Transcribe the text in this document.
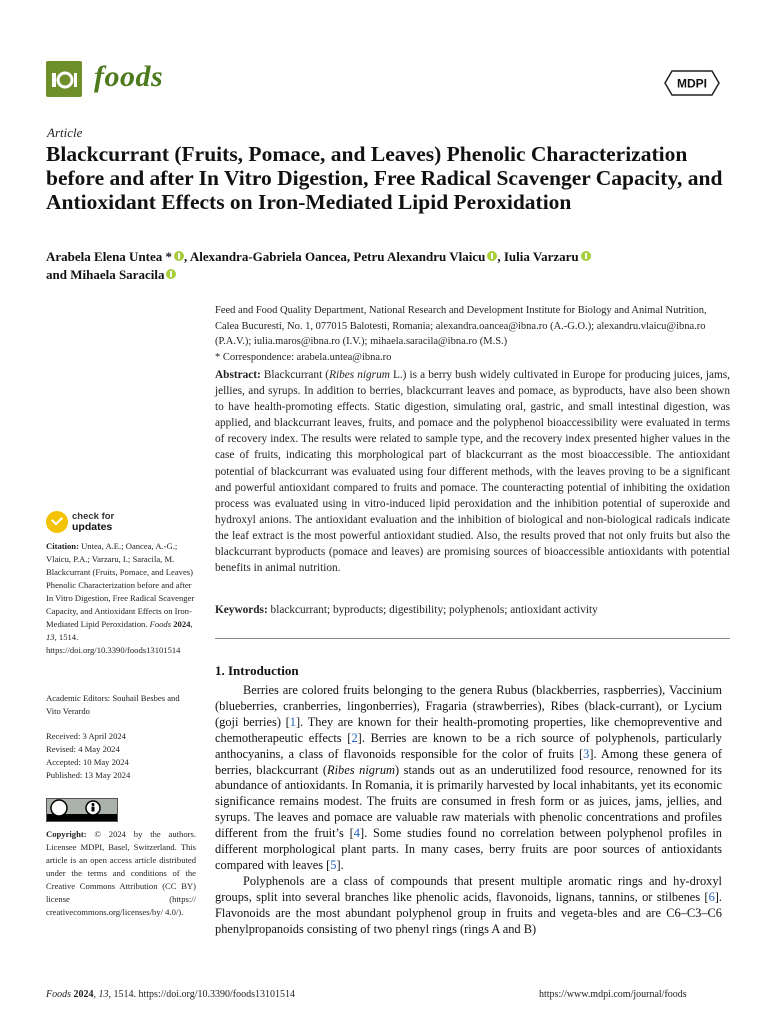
foods	MDPI
Article
Blackcurrant (Fruits, Pomace, and Leaves) Phenolic Characterization before and after In Vitro Digestion, Free Radical Scavenger Capacity, and Antioxidant Effects on Iron-Mediated Lipid Peroxidation
Arabela Elena Untea * , Alexandra-Gabriela Oancea, Petru Alexandru Vlaicu , Iulia Varzaru
and Mihaela Saracila
Feed and Food Quality Department, National Research and Development Institute for Biology and Animal Nutrition, Calea Bucuresti, No. 1, 077015 Balotesti, Romania; alexandra.oancea@ibna.ro (A.-G.O.); alexandru.vlaicu@ibna.ro (P.A.V.); iulia.maros@ibna.ro (I.V.); mihaela.saracila@ibna.ro (M.S.)
* Correspondence: arabela.untea@ibna.ro
Abstract: Blackcurrant (Ribes nigrum L.) is a berry bush widely cultivated in Europe for producing juices, jams, jellies, and syrups. In addition to berries, blackcurrant leaves and pomace, as byproducts, have also been shown to have health-promoting effects. Static digestion, simulating oral, gastric, and small intestinal digestion, was applied, and blackcurrant leaves, fruits, and pomace and the polyphenol bioaccessibility were evaluated in terms of recovery index. The results were related to sample type, and the recovery index presented higher values in the case of fruits, indicating this morphological part of blackcurrant as the most bioaccessible. The antioxidant potential of blackcurrant was evaluated using four different methods, with the leaves proving to be a significant and powerful antioxidant compared to fruits and pomace. The counteracting potential of inhibiting the oxidation process was evaluated using in vitro-induced lipid peroxidation and the inhibition potential of superoxide and hydroxyl anions. The antioxidant evaluation and the inhibition of biological and non-biological radicals indicate the leaf extract is the most powerful antioxidant studied. Also, the results proved that not only fruits but also the blackcurrant byproducts (pomace and leaves) are promising sources of bioaccessible antioxidants with potential benefits in animal nutrition.
Keywords: blackcurrant; byproducts; digestibility; polyphenols; antioxidant activity
1. Introduction

Berries are colored fruits belonging to the genera Rubus (blackberries, raspberries), Vaccinium (blueberries, cranberries, lingonberries), Fragaria (strawberries), Ribes (black-currant), or Lycium (goji berries) [1]. They are known for their health-promoting properties, like chemopreventive and chemotherapeutic effects [2]. Berries are known to be a rich source of polyphenols, particularly anthocyanins, a class of flavonoids responsible for the color of fruits [3]. Among these genera of berries, blackcurrant (Ribes nigrum) stands out as an underutilized food resource, renowned for its abundance of antioxidants. In Romania, it is primarily harvested by local inhabitants, yet its economic significance remains modest. The fruits are consumed in fresh form or as juices, jams, jellies, and syrups. The leaves and pomace are valuable raw materials with phenolic concentrations and profiles different from the fruit’s [4]. Some studies found no correlation between polyphenol profiles in different morphological plant parts. In many cases, berry fruits are poor sources of antioxidants compared with leaves [5].

Polyphenols are a class of compounds that present multiple aromatic rings and hy-droxyl groups, split into several branches like phenolic acids, flavonoids, lignans, tannins, or stilbenes [6]. Flavonoids are the most abundant polyphenol group in fruits and vegeta-bles and are C6–C3–C6 phenylpropanoids consisting of two phenyl rings (rings A and B)

check for
updates
Citation: Untea, A.E.; Oancea, A.-G.; Vlaicu, P.A.; Varzaru, I.; Saracila, M. Blackcurrant (Fruits, Pomace, and Leaves) Phenolic Characterization before and after In Vitro Digestion, Free Radical Scavenger Capacity, and Antioxidant Effects on Iron-Mediated Lipid Peroxidation. Foods 2024, 13, 1514. https://doi.org/10.3390/foods13101514
Academic Editors: Souhail Besbes and Vito Verardo
Received: 3 April 2024
Revised: 4 May 2024
Accepted: 10 May 2024
Published: 13 May 2024
Copyright: © 2024 by the authors. Licensee MDPI, Basel, Switzerland. This article is an open access article distributed under the terms and conditions of the Creative Commons Attribution (CC BY) license (https:// creativecommons.org/licenses/by/ 4.0/).
Foods 2024, 13, 1514. https://doi.org/10.3390/foods13101514	https://www.mdpi.com/journal/foods
